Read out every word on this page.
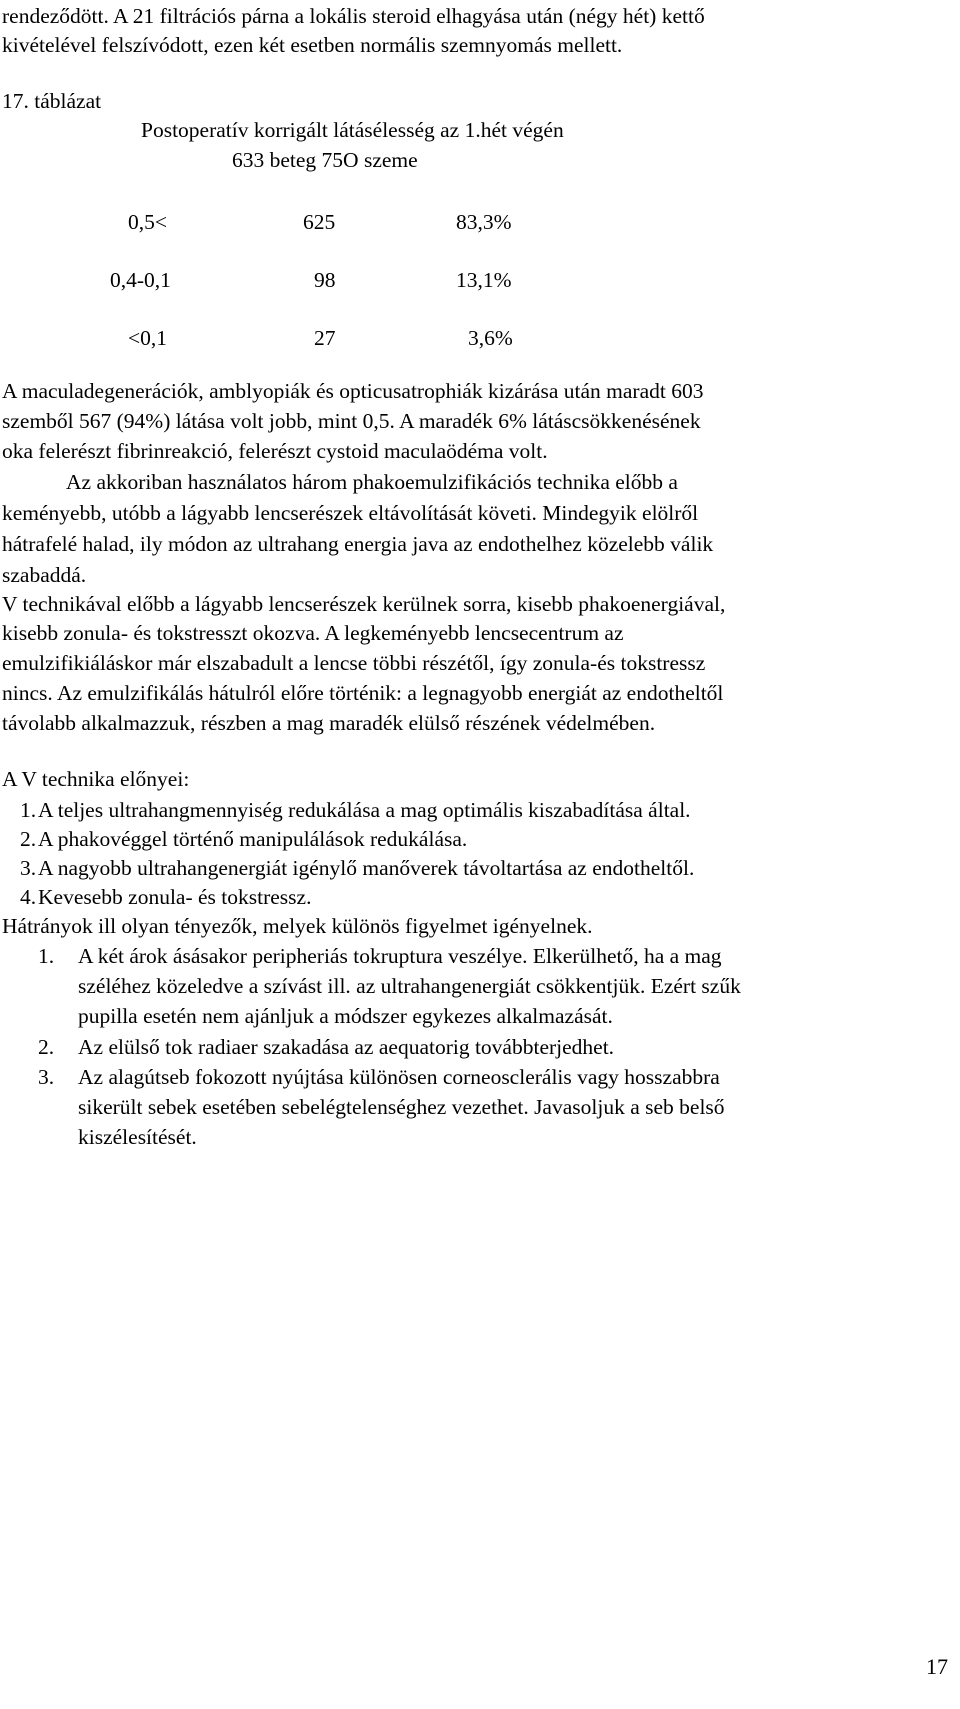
rendeződött. A 21 filtrációs párna a lokális steroid elhagyása után (négy hét) kettő
kivételével felszívódott, ezen két esetben normális szemnyomás mellett.
17. táblázat
Postoperatív korrigált látásélesség az 1.hét végén
633 beteg 75O szeme
0,5<	625	83,3%
0,4-0,1	98	13,1%
<0,1	27	3,6%
A maculadegenerációk, amblyopiák és opticusatrophiák kizárása után maradt 603
szemből 567 (94%) látása volt jobb, mint 0,5. A maradék 6% látáscsökkenésének
oka felerészt fibrinreakció, felerészt cystoid maculaödéma volt.
Az akkoriban használatos három phakoemulzifikációs technika előbb a
keményebb, utóbb a lágyabb lencserészek eltávolítását követi. Mindegyik elölről
hátrafelé halad, ily módon az ultrahang energia java az endothelhez közelebb válik
szabaddá.
V technikával előbb a lágyabb lencserészek kerülnek sorra, kisebb phakoenergiával,
kisebb zonula- és tokstresszt okozva. A legkeményebb lencsecentrum az
emulzifikiáláskor már elszabadult a lencse többi részétől, így zonula-és tokstressz
nincs. Az emulzifikálás hátulról előre történik: a legnagyobb energiát az endotheltől
távolabb alkalmazzuk, részben a mag maradék elülső részének védelmében.
A V technika előnyei:
1. A teljes ultrahangmennyiség redukálása a mag optimális kiszabadítása által.
2. A phakovéggel történő manipulálások redukálása.
3. A nagyobb ultrahangenergiát igénylő manőverek távoltartása az endotheltől.
4. Kevesebb zonula- és tokstressz.
Hátrányok ill olyan tényezők, melyek különös figyelmet igényelnek.
1. A két árok ásásakor peripheriás tokruptura veszélye. Elkerülhető, ha a mag
széléhez közeledve a szívást ill. az ultrahangenergiát csökkentjük. Ezért szűk
pupilla esetén nem ajánljuk a módszer egykezes alkalmazását.
2. Az elülső tok radiaer szakadása az aequatorig továbbterjedhet.
3. Az alagútseb fokozott nyújtása különösen corneosclerális vagy hosszabbra
sikerült sebek esetében sebelégtelenséghez vezethet. Javasoljuk a seb belső
kiszélesítését.
17
